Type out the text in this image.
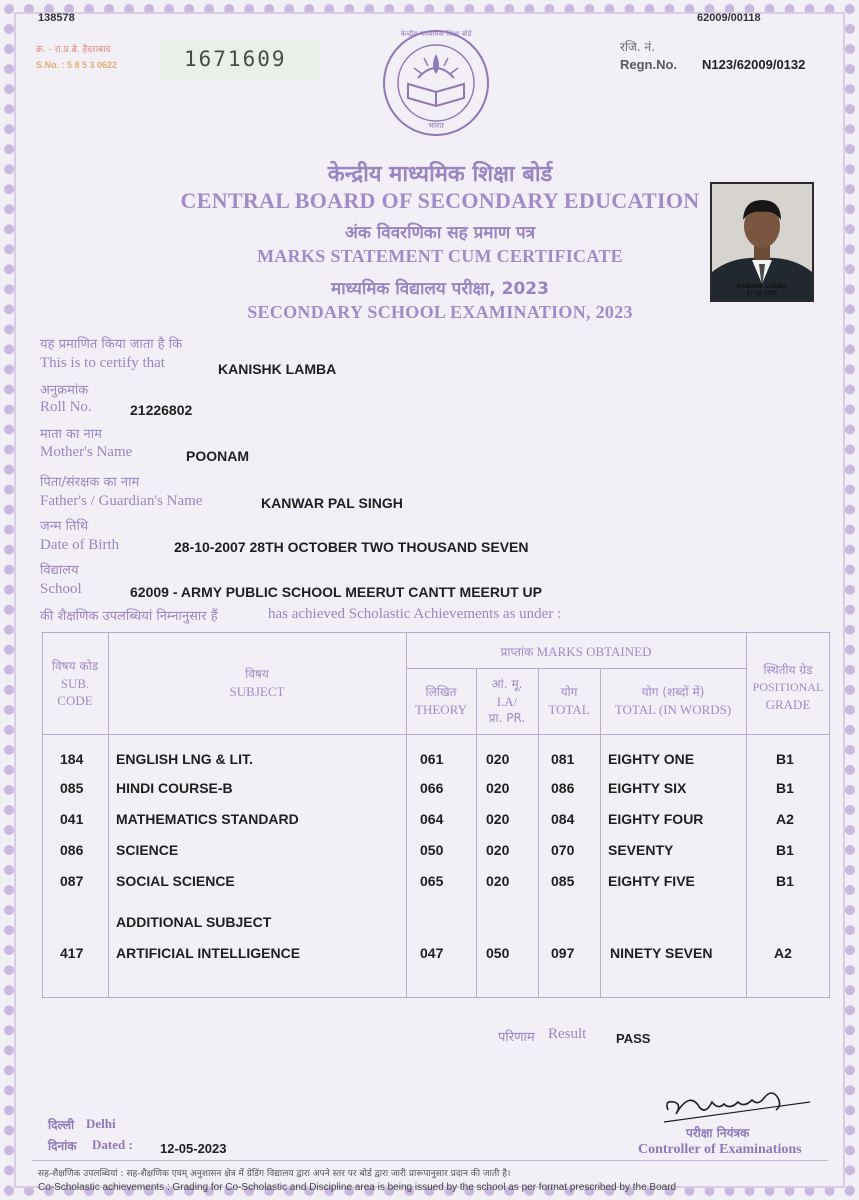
138578	62009/00118
क्र. - रा.प्र.ब्रे. हैदराबाद
S.No. : 5 8 5 3 0622	1671609
केन्द्रीय माध्यमिक शिक्षा बोर्ड
भारत
रजि. नं.
Regn.No. N123/62009/0132
केन्द्रीय माध्यमिक शिक्षा बोर्ड
CENTRAL BOARD OF SECONDARY EDUCATION
अंक विवरणिका सह प्रमाण पत्र
MARKS STATEMENT CUM CERTIFICATE
माध्यमिक विद्यालय परीक्षा, 2023
SECONDARY SCHOOL EXAMINATION, 2023
KANISHK LAMBA
17-12-2021
यह प्रमाणित किया जाता है कि
This is to certify that	KANISHK LAMBA
अनुक्रमांक
Roll No.	21226802
माता का नाम
Mother's Name	POONAM
पिता/संरक्षक का नाम
Father's / Guardian's Name	KANWAR PAL SINGH
जन्म तिथि
Date of Birth	28-10-2007 28TH OCTOBER TWO THOUSAND SEVEN
विद्यालय
School	62009 - ARMY PUBLIC SCHOOL MEERUT CANTT MEERUT UP
की शैक्षणिक उपलब्धियां निम्नानुसार हैं	has achieved Scholastic Achievements as under :
विषय कोड
SUB.
CODE
विषय
SUBJECT
प्राप्तांक MARKS OBTAINED
लिखित
THEORY
आं. मू.
I.A/
प्रा. PR.
योग
TOTAL
योग (शब्दों में)
TOTAL (IN WORDS)
स्थितीय ग्रेड
POSITIONAL
GRADE
184 ENGLISH LNG & LIT.	061	020	081 EIGHTY ONE	B1
085 HINDI COURSE-B	066	020	086 EIGHTY SIX	B1
041 MATHEMATICS STANDARD	064	020	084 EIGHTY FOUR	A2
086 SCIENCE	050	020	070 SEVENTY	B1
087 SOCIAL SCIENCE	065	020	085 EIGHTY FIVE	B1
ADDITIONAL SUBJECT
417 ARTIFICIAL INTELLIGENCE	047	050	097	NINETY SEVEN	A2
परिणाम Result PASS
दिल्ली Delhi
दिनांक Dated : 12-05-2023
परीक्षा नियंत्रक
Controller of Examinations
सह-शैक्षणिक उपलब्धियां : सह-शैक्षणिक एवम् अनुशासन क्षेत्र में ग्रेडिंग विद्यालय द्वारा अपने स्तर पर बोर्ड द्वारा जारी प्रारूपानुसार प्रदान की जाती है।
Co-Scholastic achievements : Grading for Co-Scholastic and Discipline area is being issued by the school as per format prescribed by the Board
